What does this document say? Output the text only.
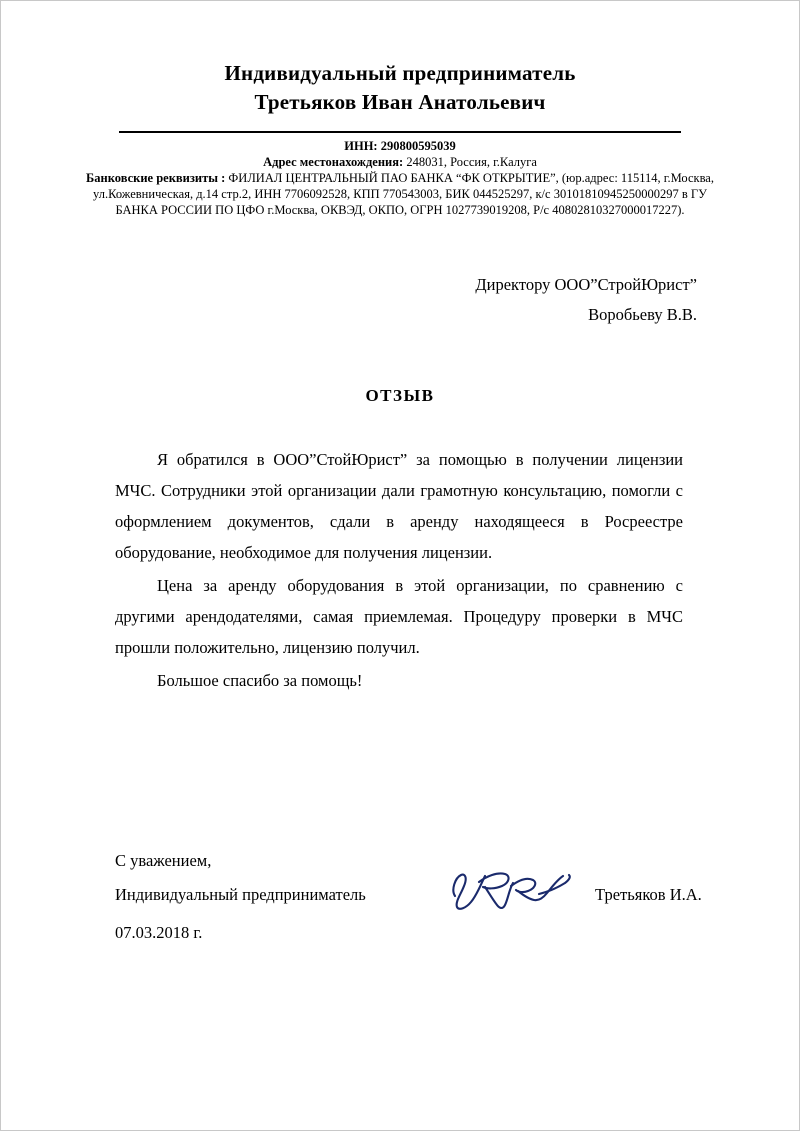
Индивидуальный предприниматель
Третьяков Иван Анатольевич
ИНН: 290800595039
Адрес местонахождения: 248031, Россия, г.Калуга
Банковские реквизиты : ФИЛИАЛ ЦЕНТРАЛЬНЫЙ ПАО БАНКА “ФК ОТКРЫТИЕ”, (юр.адрес: 115114, г.Москва,
ул.Кожевническая, д.14 стр.2, ИНН 7706092528, КПП 770543003, БИК 044525297, к/с 30101810945250000297 в ГУ
БАНКА РОССИИ ПО ЦФО г.Москва, ОКВЭД, ОКПО, ОГРН 1027739019208, Р/с 40802810327000017227).
Директору ООО”СтройЮрист”
Воробьеву В.В.
ОТЗЫВ

Я обратился в ООО”СтойЮрист” за помощью в получении лицензии МЧС. Сотрудники этой организации дали грамотную консультацию, помогли с оформлением документов, сдали в аренду находящееся в Росреестре оборудование, необходимое для получения лицензии.

Цена за аренду оборудования в этой организации, по сравнению с другими арендодателями, самая приемлемая. Процедуру проверки в МЧС прошли положительно, лицензию получил.

Большое спасибо за помощь!

С уважением,
Индивидуальный предприниматель	Третьяков И.А.
07.03.2018 г.
